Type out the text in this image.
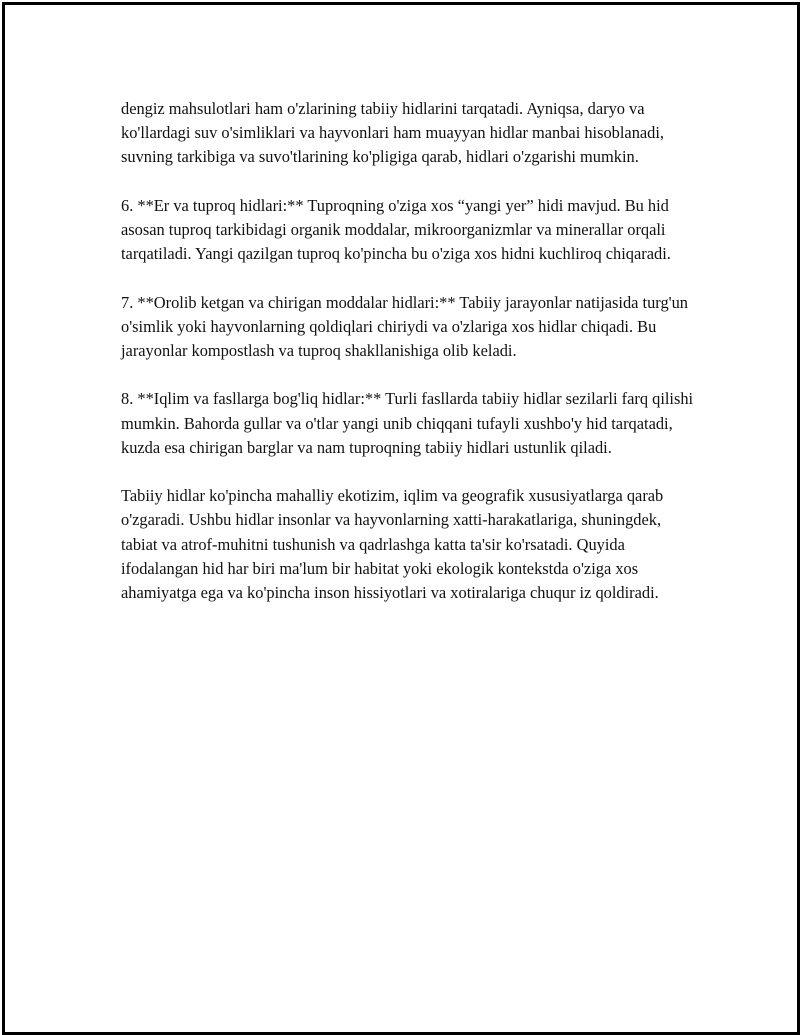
dengiz mahsulotlari ham o'zlarining tabiiy hidlarini tarqatadi. Ayniqsa, daryo va ko'llardagi suv o'simliklari va hayvonlari ham muayyan hidlar manbai hisoblanadi, suvning tarkibiga va suvo'tlarining ko'pligiga qarab, hidlari o'zgarishi mumkin.

6. **Er va tuproq hidlari:** Tuproqning o'ziga xos “yangi yer” hidi mavjud. Bu hid asosan tuproq tarkibidagi organik moddalar, mikroorganizmlar va minerallar orqali tarqatiladi. Yangi qazilgan tuproq ko'pincha bu o'ziga xos hidni kuchliroq chiqaradi.

7. **Orolib ketgan va chirigan moddalar hidlari:** Tabiiy jarayonlar natijasida turg'un o'simlik yoki hayvonlarning qoldiqlari chiriydi va o'zlariga xos hidlar chiqadi. Bu jarayonlar kompostlash va tuproq shakllanishiga olib keladi.

8. **Iqlim va fasllarga bog'liq hidlar:** Turli fasllarda tabiiy hidlar sezilarli farq qilishi mumkin. Bahorda gullar va o'tlar yangi unib chiqqani tufayli xushbo'y hid tarqatadi, kuzda esa chirigan barglar va nam tuproqning tabiiy hidlari ustunlik qiladi.

Tabiiy hidlar ko'pincha mahalliy ekotizim, iqlim va geografik xususiyatlarga qarab o'zgaradi. Ushbu hidlar insonlar va hayvonlarning xatti-harakatlariga, shuningdek, tabiat va atrof-muhitni tushunish va qadrlashga katta ta'sir ko'rsatadi. Quyida ifodalangan hid har biri ma'lum bir habitat yoki ekologik kontekstda o'ziga xos ahamiyatga ega va ko'pincha inson hissiyotlari va xotiralariga chuqur iz qoldiradi.
